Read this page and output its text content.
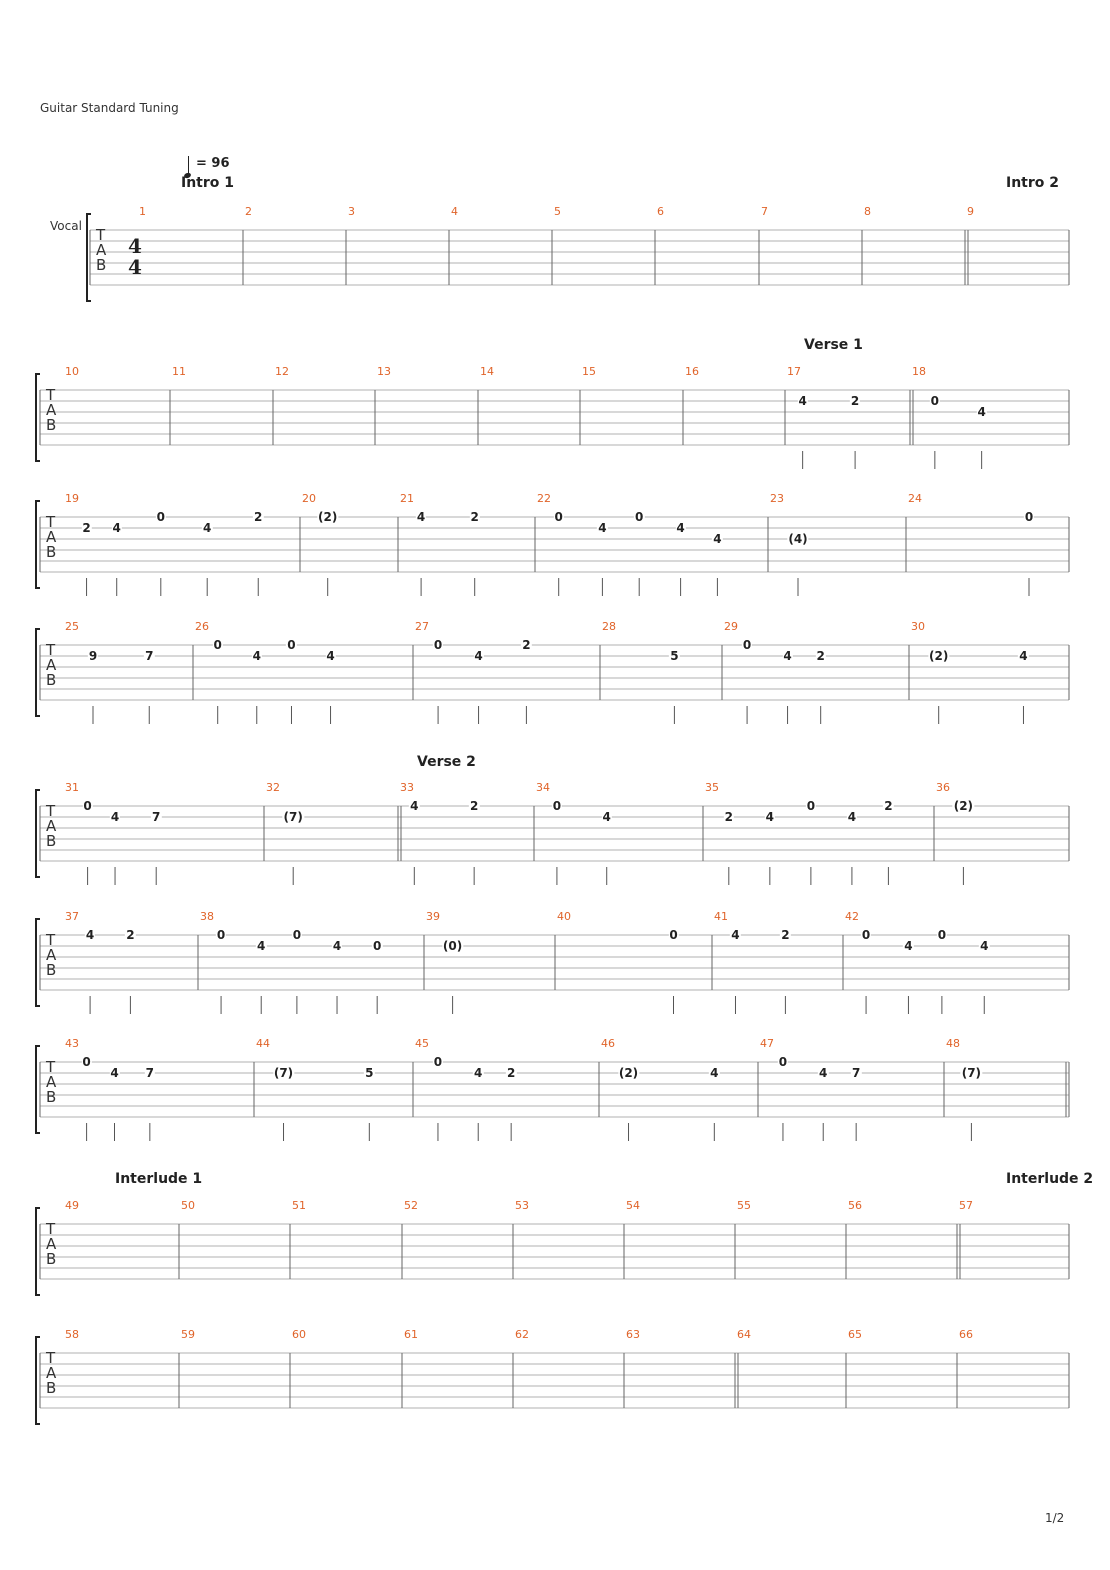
Guitar Standard Tuning
= 96
Vocal T
A
B
4
4
T
A
B
T
A
B
T
A
B
T
A
B
T
A
B
T
A
B
T
A
B
T
A
B
1
Intro 1
2	3	4	5	6	7	8	9
Intro 2
10	11	12	13	14	15	16	17
Verse 1
18
4	2	0
4
19	20	21	22	23	24
2 4
0
4
2	(2)	4	2	0
4
0
4
4	(4)
0
25	26	27	28	29	30
9	7
0
4
0
4
0
4
2
5
0
4 2	(2)	4
31	32	33
Verse 2
34	35	36
0
4	7	(7)
4	2	0
4	2	4
0
4
2	(2)
37	38	39	40	41	42
4	2	0
4
0
4	0	(0)
0	4	2	0
4
0
4
43	44	45	46	47	48
0
4 7	(7)	5
0
4 2	(2)	4
0
4 7	(7)
49
Interlude 1
50	51	52	53	54	55	56	57
Interlude 2
58	59	60	61	62	63	64	65	66
1/2
